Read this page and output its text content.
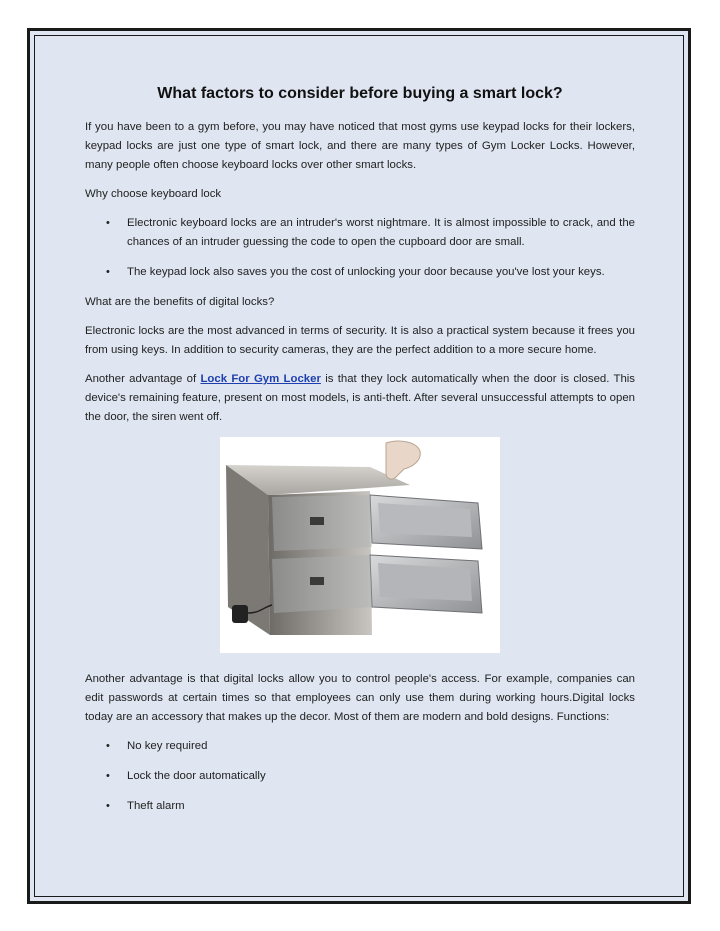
What factors to consider before buying a smart lock?

If you have been to a gym before, you may have noticed that most gyms use keypad locks for their lockers, keypad locks are just one type of smart lock, and there are many types of Gym Locker Locks. However, many people often choose keyboard locks over other smart locks.

Why choose keyboard lock

• Electronic keyboard locks are an intruder's worst nightmare. It is almost impossible to crack, and the chances of an intruder guessing the code to open the cupboard door are small.
• The keypad lock also saves you the cost of unlocking your door because you've lost your keys.

What are the benefits of digital locks?

Electronic locks are the most advanced in terms of security. It is also a practical system because it frees you from using keys. In addition to security cameras, they are the perfect addition to a more secure home.

Another advantage of Lock For Gym Locker is that they lock automatically when the door is closed. This device's remaining feature, present on most models, is anti-theft. After several unsuccessful attempts to open the door, the siren went off.

Another advantage is that digital locks allow you to control people's access. For example, companies can edit passwords at certain times so that employees can only use them during working hours.Digital locks today are an accessory that makes up the decor. Most of them are modern and bold designs. Functions:

• No key required
• Lock the door automatically
• Theft alarm
